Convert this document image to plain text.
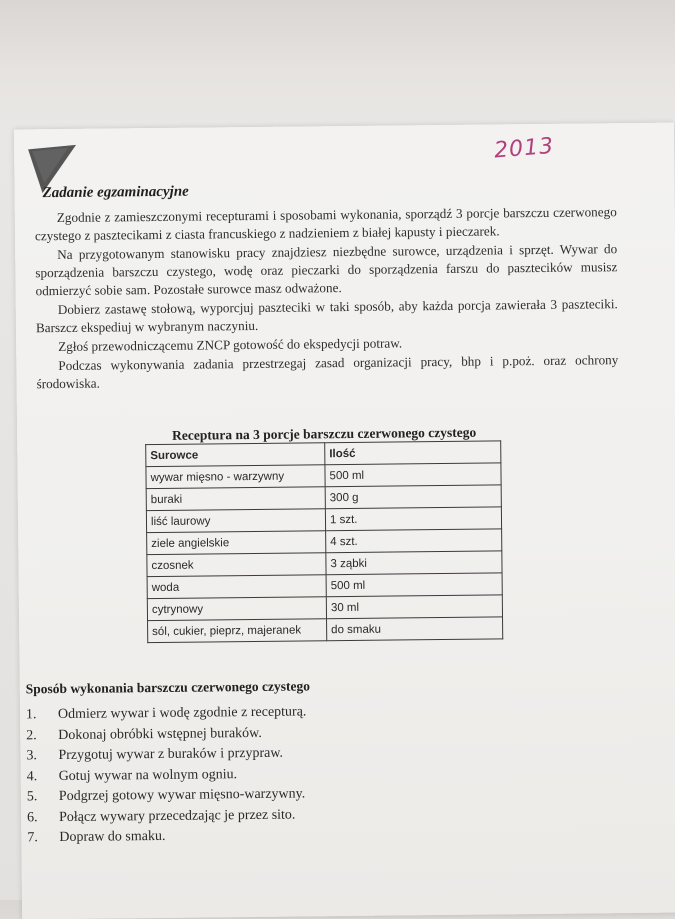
2013
Zadanie egzaminacyjne

Zgodnie z zamieszczonymi recepturami i sposobami wykonania, sporządź 3 porcje barszczu czerwonego czystego z pasztecikami z ciasta francuskiego z nadzieniem z białej kapusty i pieczarek.

Na przygotowanym stanowisku pracy znajdziesz niezbędne surowce, urządzenia i sprzęt. Wywar do sporządzenia barszczu czystego, wodę oraz pieczarki do sporządzenia farszu do pasztecików musisz odmierzyć sobie sam. Pozostałe surowce masz odważone.

Dobierz zastawę stołową, wyporcjuj paszteciki w taki sposób, aby każda porcja zawierała 3 paszteciki. Barszcz ekspediuj w wybranym naczyniu.

Zgłoś przewodniczącemu ZNCP gotowość do ekspedycji potraw.

Podczas wykonywania zadania przestrzegaj zasad organizacji pracy, bhp i p.poż. oraz ochrony środowiska.

Receptura na 3 porcje barszczu czerwonego czystego
Surowce	Ilość
wywar mięsno - warzywny	500 ml
buraki	300 g
liść laurowy	1 szt.
ziele angielskie	4 szt.
czosnek	3 ząbki
woda	500 ml
cytrynowy	30 ml
sól, cukier, pieprz, majeranek	do smaku
Sposób wykonania barszczu czerwonego czystego
1.	Odmierz wywar i wodę zgodnie z recepturą.
2.	Dokonaj obróbki wstępnej buraków.
3.	Przygotuj wywar z buraków i przypraw.
4.	Gotuj wywar na wolnym ogniu.
5.	Podgrzej gotowy wywar mięsno-warzywny.
6.	Połącz wywary przecedzając je przez sito.
7.	Dopraw do smaku.
